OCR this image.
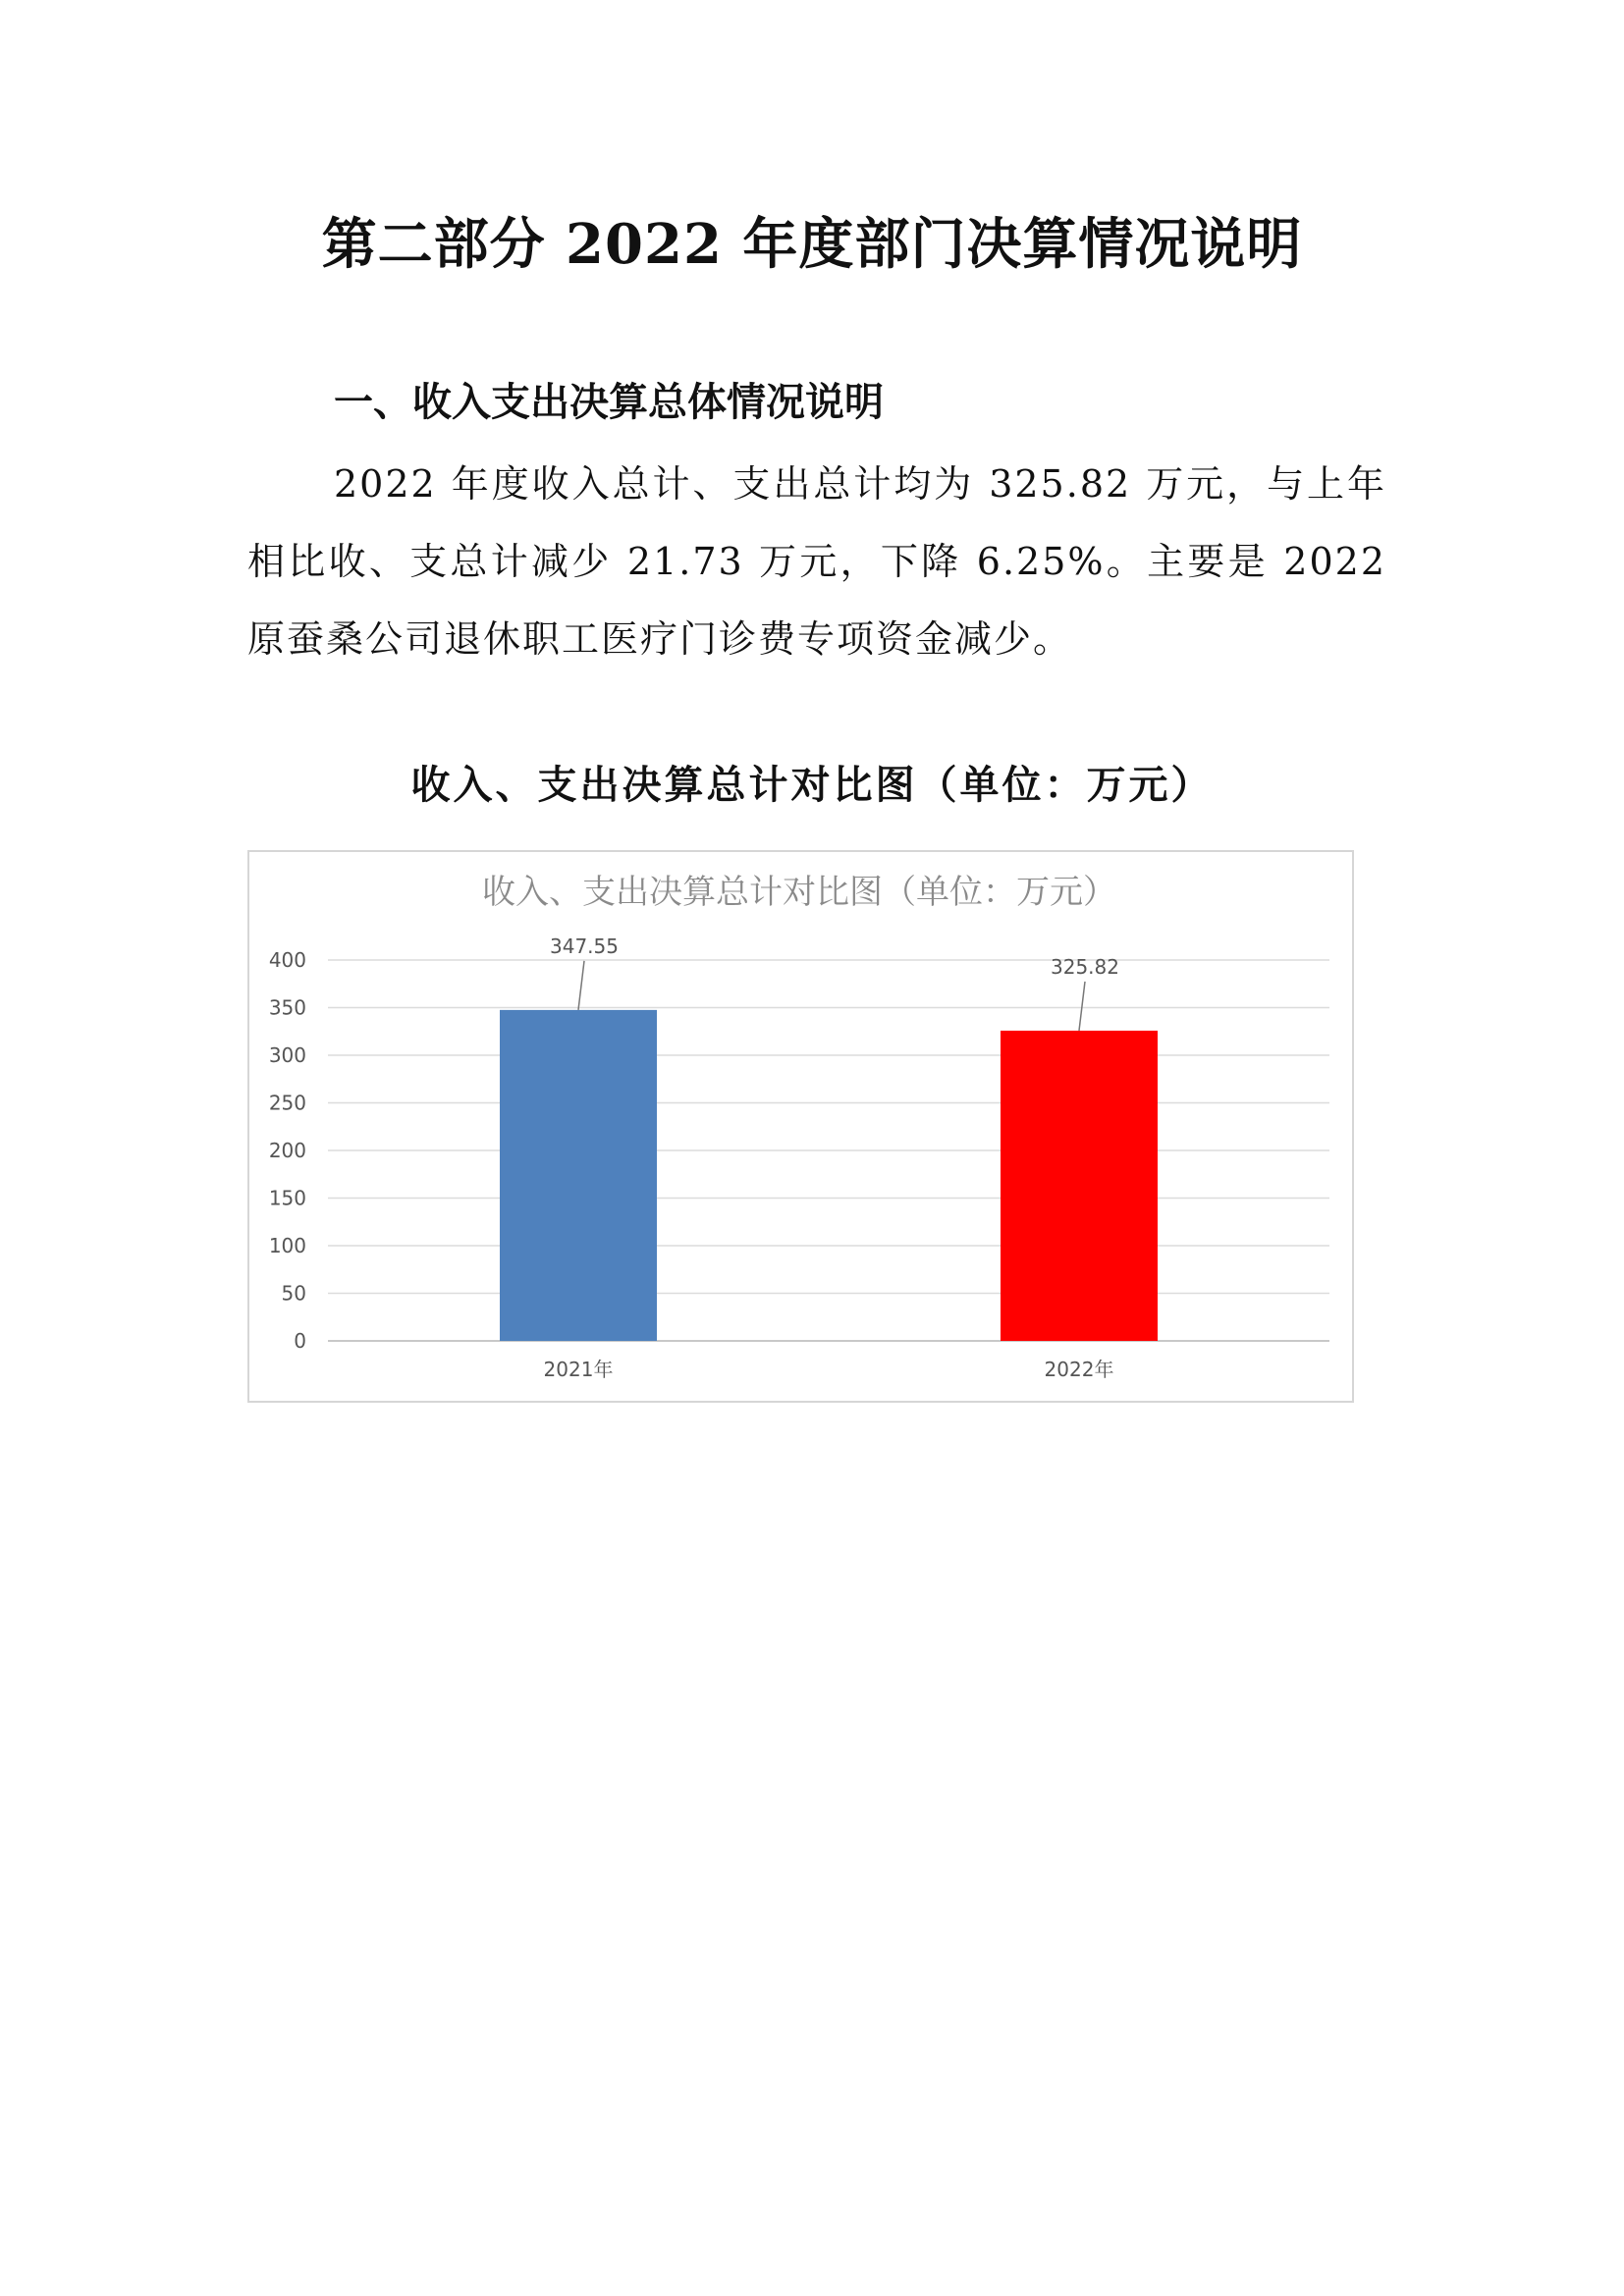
第二部分 2022 年度部门决算情况说明
一、收入支出决算总体情况说明
2022 年度收入总计、支出总计均为 325.82 万元，与上年相比收、支总计减少 21.73 万元，下降 6.25%。主要是 2022 原蚕桑公司退休职工医疗门诊费专项资金减少。
收入、支出决算总计对比图（单位：万元）
收入、支出决算总计对比图（单位：万元）
0
50
100
150
200
250
300
350
400
2021年
347.55
2022年
325.82
